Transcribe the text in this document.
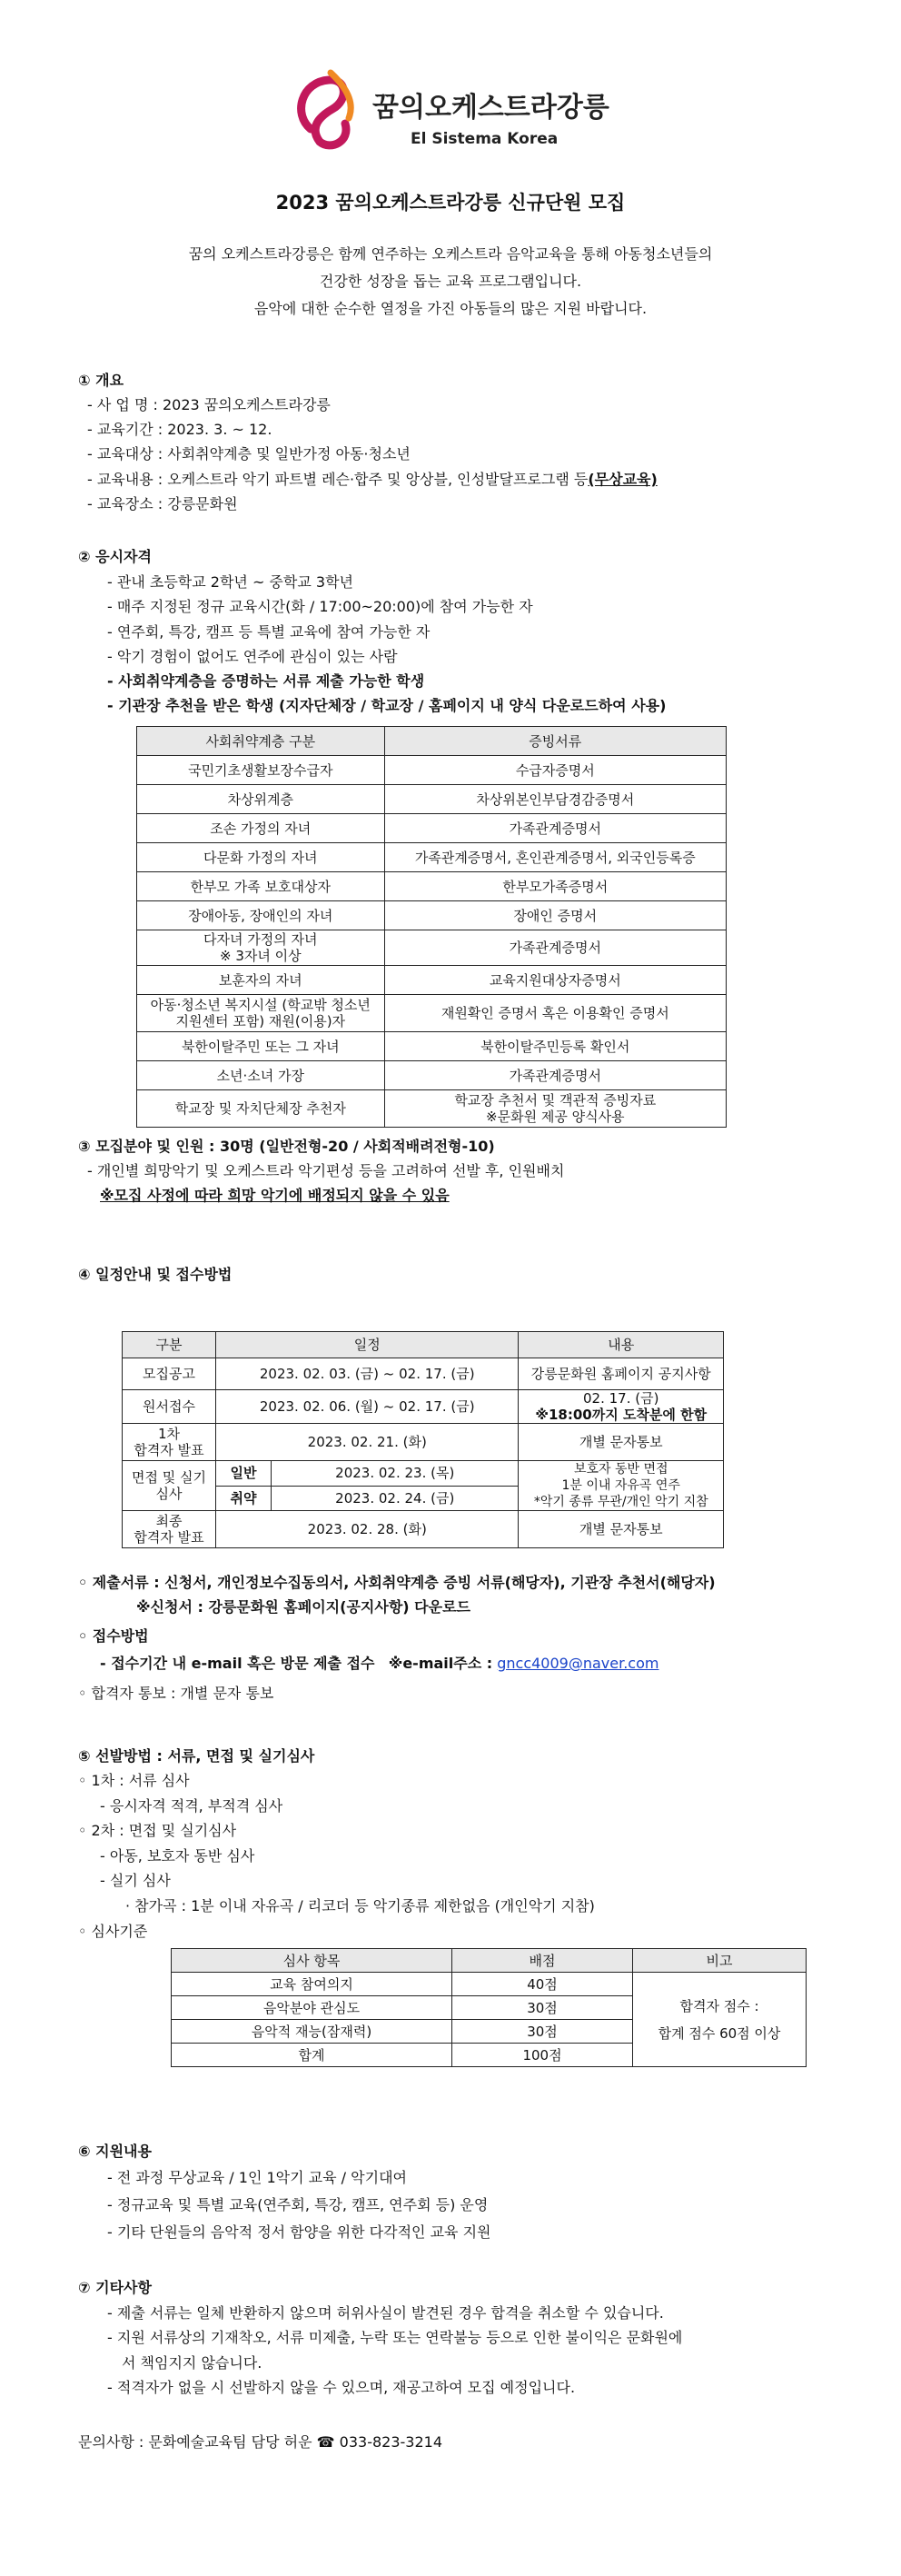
꿈의오케스트라강릉
El Sistema Korea
2023 꿈의오케스트라강릉 신규단원 모집
꿈의 오케스트라강릉은 함께 연주하는 오케스트라 음악교육을 통해 아동청소년들의
건강한 성장을 돕는 교육 프로그램입니다.
음악에 대한 순수한 열정을 가진 아동들의 많은 지원 바랍니다.
① 개요
- 사 업 명 : 2023 꿈의오케스트라강릉
- 교육기간 : 2023. 3. ~ 12.
- 교육대상 : 사회취약계층 및 일반가정 아동·청소년
- 교육내용 : 오케스트라 악기 파트별 레슨·합주 및 앙상블, 인성발달프로그램 등(무상교육)
- 교육장소 : 강릉문화원
② 응시자격
- 관내 초등학교 2학년 ~ 중학교 3학년
- 매주 지정된 정규 교육시간(화 / 17:00~20:00)에 참여 가능한 자
- 연주회, 특강, 캠프 등 특별 교육에 참여 가능한 자
- 악기 경험이 없어도 연주에 관심이 있는 사람
- 사회취약계층을 증명하는 서류 제출 가능한 학생
- 기관장 추천을 받은 학생 (지자단체장 / 학교장 / 홈페이지 내 양식 다운로드하여 사용)
사회취약계층 구분	증빙서류
국민기초생활보장수급자	수급자증명서
차상위계층	차상위본인부담경감증명서
조손 가정의 자녀	가족관계증명서
다문화 가정의 자녀	가족관계증명서, 혼인관계증명서, 외국인등록증
한부모 가족 보호대상자	한부모가족증명서
장애아동, 장애인의 자녀	장애인 증명서
다자녀 가정의 자녀
※ 3자녀 이상	가족관계증명서
보훈자의 자녀	교육지원대상자증명서
아동·청소년 복지시설 (학교밖 청소년
지원센터 포함) 재원(이용)자	재원확인 증명서 혹은 이용확인 증명서
북한이탈주민 또는 그 자녀	북한이탈주민등록 확인서
소년·소녀 가장	가족관계증명서
학교장 및 자치단체장 추천자	학교장 추천서 및 객관적 증빙자료
※문화원 제공 양식사용
③ 모집분야 및 인원 : 30명 (일반전형-20 / 사회적배려전형-10)
- 개인별 희망악기 및 오케스트라 악기편성 등을 고려하여 선발 후, 인원배치
※모집 사정에 따라 희망 악기에 배정되지 않을 수 있음
④ 일정안내 및 접수방법
구분	일정		내용
모집공고	2023. 02. 03. (금) ~ 02. 17. (금)		강릉문화원 홈페이지 공지사항
원서접수	2023. 02. 06. (월) ~ 02. 17. (금)		02. 17. (금)
※18:00까지 도착분에 한함

1차
합격자 발표	2023. 02. 21. (화)		개별 문자통보
면접 및 실기심사	일반	2023. 02. 23. (목)	보호자 동반 면접
1분 이내 자유곡 연주
*악기 종류 무관/개인 악기 지참

	취약	2023. 02. 24. (금)	

최종
합격자 발표	2023. 02. 28. (화)		개별 문자통보
◦ 제출서류 : 신청서, 개인정보수집동의서, 사회취약계층 증빙 서류(해당자), 기관장 추천서(해당자)
※신청서 : 강릉문화원 홈페이지(공지사항) 다운로드
◦ 접수방법
- 접수기간 내 e-mail 혹은 방문 제출 접수 ※e-mail주소 : gncc4009@naver.com
◦ 합격자 통보 : 개별 문자 통보
⑤ 선발방법 : 서류, 면접 및 실기심사
◦ 1차 : 서류 심사
- 응시자격 적격, 부적격 심사
◦ 2차 : 면접 및 실기심사
- 아동, 보호자 동반 심사
- 실기 심사
· 참가곡 : 1분 이내 자유곡 / 리코더 등 악기종류 제한없음 (개인악기 지참)
◦ 심사기준
심사 항목	배점	비고
교육 참여의지	40점	합격자 점수 :
합계 점수 60점 이상

음악분야 관심도	30점	
음악적 재능(잠재력)	30점	
합계	100점	
⑥ 지원내용
- 전 과정 무상교육 / 1인 1악기 교육 / 악기대여
- 정규교육 및 특별 교육(연주회, 특강, 캠프, 연주회 등) 운영
- 기타 단원들의 음악적 정서 함양을 위한 다각적인 교육 지원
⑦ 기타사항
- 제출 서류는 일체 반환하지 않으며 허위사실이 발견된 경우 합격을 취소할 수 있습니다.
- 지원 서류상의 기재착오, 서류 미제출, 누락 또는 연락불능 등으로 인한 불이익은 문화원에
서 책임지지 않습니다.
- 적격자가 없을 시 선발하지 않을 수 있으며, 재공고하여 모집 예정입니다.
문의사항 : 문화예술교육팀 담당 허운 ☎ 033-823-3214
